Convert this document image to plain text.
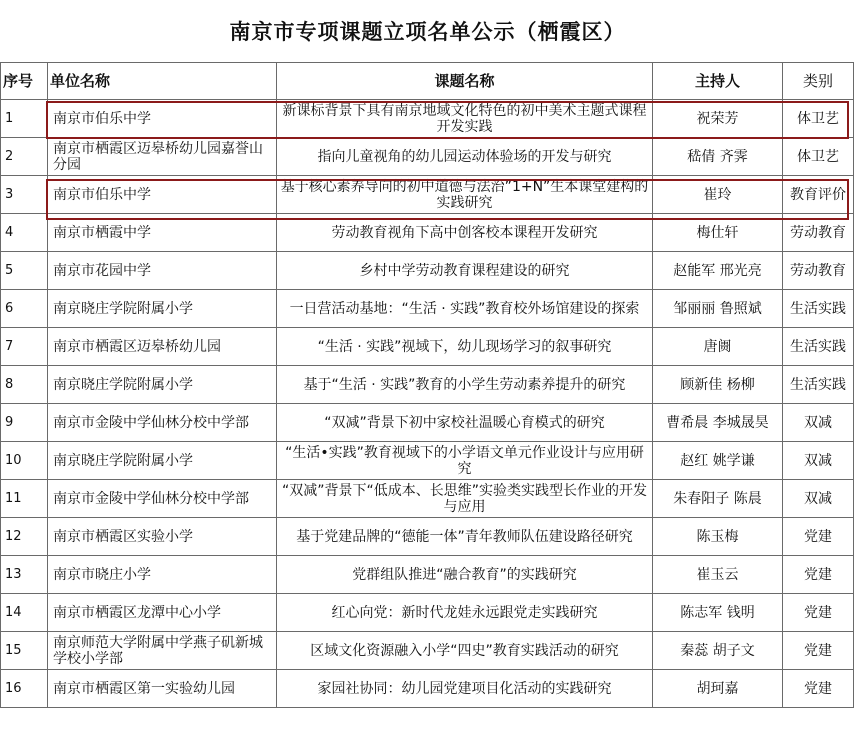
南京市专项课题立项名单公示（栖霞区）
序号	单位名称	课题名称	主持人	类别
1	南京市伯乐中学	新课标背景下具有南京地域文化特色的初中美术主题式课程开发实践	祝荣芳	体卫艺
2	南京市栖霞区迈皋桥幼儿园嘉誉山分园	指向儿童视角的幼儿园运动体验场的开发与研究	嵇倩 齐霁	体卫艺
3	南京市伯乐中学	基于核心素养导向的初中道德与法治”1+N”生本课堂建构的实践研究	崔玲	教育评价
4	南京市栖霞中学	劳动教育视角下高中创客校本课程开发研究	梅仕轩	劳动教育
5	南京市花园中学	乡村中学劳动教育课程建设的研究	赵能军 邢光亮	劳动教育
6	南京晓庄学院附属小学	一日营活动基地：“生活 · 实践”教育校外场馆建设的探索	邹丽丽 鲁照斌	生活实践
7	南京市栖霞区迈皋桥幼儿园	“生活 · 实践”视域下，幼儿现场学习的叙事研究	唐阓	生活实践
8	南京晓庄学院附属小学	基于“生活 · 实践”教育的小学生劳动素养提升的研究	顾新佳 杨柳	生活实践
9	南京市金陵中学仙林分校中学部	“双减”背景下初中家校社温暖心育模式的研究	曹希晨 李城晟昊	双减
10	南京晓庄学院附属小学	“生活•实践”教育视域下的小学语文单元作业设计与应用研究	赵红 姚学谦	双减
11	南京市金陵中学仙林分校中学部	“双减”背景下“低成本、长思维”实验类实践型长作业的开发与应用	朱春阳子 陈晨	双减
12	南京市栖霞区实验小学	基于党建品牌的“德能一体”青年教师队伍建设路径研究	陈玉梅	党建
13	南京市晓庄小学	党群组队推进“融合教育”的实践研究	崔玉云	党建
14	南京市栖霞区龙潭中心小学	红心向党：新时代龙娃永远跟党走实践研究	陈志军 钱明	党建
15	南京师范大学附属中学燕子矶新城学校小学部	区域文化资源融入小学“四史”教育实践活动的研究	秦蕊 胡子文	党建
16	南京市栖霞区第一实验幼儿园	家园社协同：幼儿园党建项目化活动的实践研究	胡珂嘉	党建
